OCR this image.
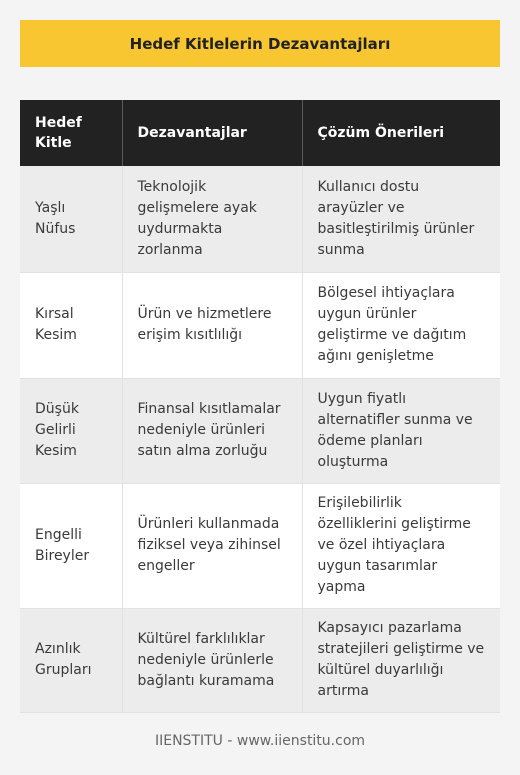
Hedef Kitlelerin Dezavantajları
Hedef Kitle	Dezavantajlar	Çözüm Önerileri
Yaşlı Nüfus	Teknolojik gelişmelere ayak uydurmakta zorlanma	Kullanıcı dostu arayüzler ve basitleştirilmiş ürünler sunma
Kırsal Kesim	Ürün ve hizmetlere erişim kısıtlılığı	Bölgesel ihtiyaçlara uygun ürünler geliştirme ve dağıtım ağını genişletme
Düşük Gelirli Kesim	Finansal kısıtlamalar nedeniyle ürünleri satın alma zorluğu	Uygun fiyatlı alternatifler sunma ve ödeme planları oluşturma
Engelli Bireyler	Ürünleri kullanmada fiziksel veya zihinsel engeller	Erişilebilirlik özelliklerini geliştirme ve özel ihtiyaçlara uygun tasarımlar yapma
Azınlık Grupları	Kültürel farklılıklar nedeniyle ürünlerle bağlantı kuramama	Kapsayıcı pazarlama stratejileri geliştirme ve kültürel duyarlılığı artırma
IIENSTITU - www.iienstitu.com
